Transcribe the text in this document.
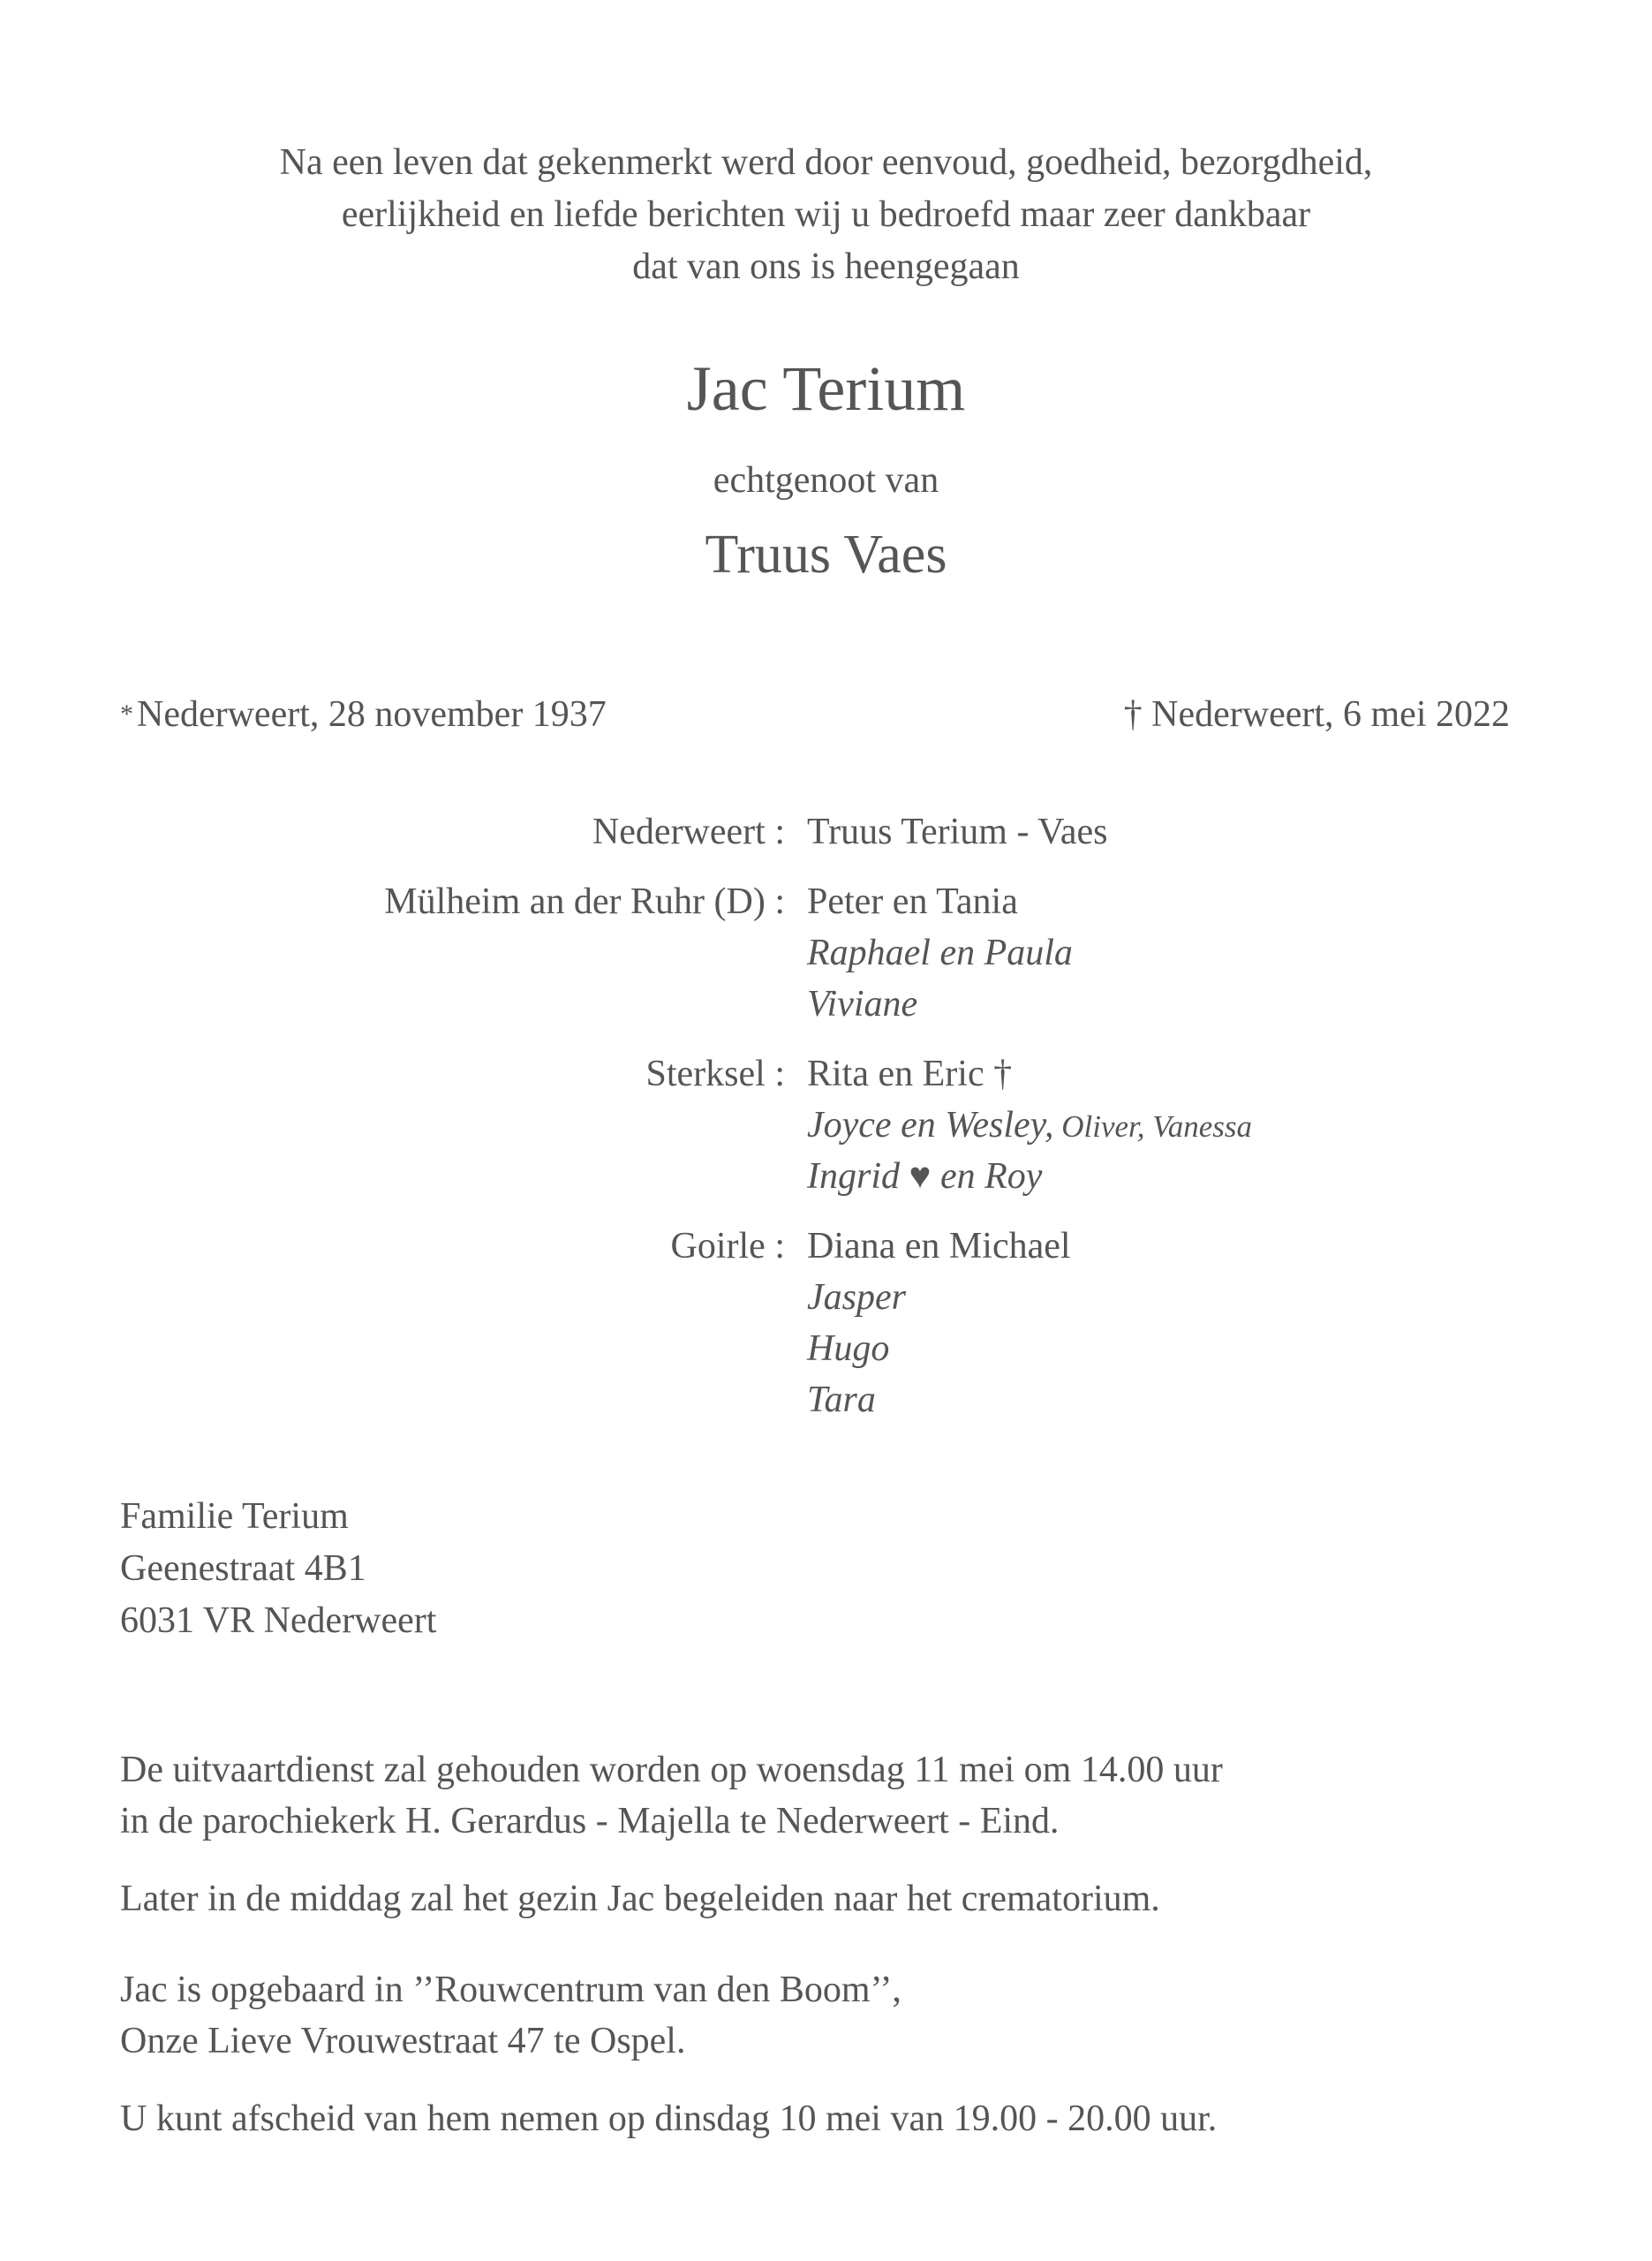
Na een leven dat gekenmerkt werd door eenvoud, goedheid, bezorgdheid,
eerlijkheid en liefde berichten wij u bedroefd maar zeer dankbaar
dat van ons is heengegaan
Jac Terium
echtgenoot van
Truus Vaes
*Nederweert, 28 november 1937	† Nederweert, 6 mei 2022
Nederweert : Truus Terium - Vaes
Mülheim an der Ruhr (D) : Peter en Tania
Raphael en Paula
Viviane
Sterksel : Rita en Eric †
Joyce en Wesley, Oliver, Vanessa
Ingrid ♥ en Roy
Goirle : Diana en Michael
Jasper
Hugo
Tara
Familie Terium
Geenestraat 4B1
6031 VR Nederweert
De uitvaartdienst zal gehouden worden op woensdag 11 mei om 14.00 uur
in de parochiekerk H. Gerardus - Majella te Nederweert - Eind.
Later in de middag zal het gezin Jac begeleiden naar het crematorium.
Jac is opgebaard in ’’Rouwcentrum van den Boom’’,
Onze Lieve Vrouwestraat 47 te Ospel.
U kunt afscheid van hem nemen op dinsdag 10 mei van 19.00 - 20.00 uur.
